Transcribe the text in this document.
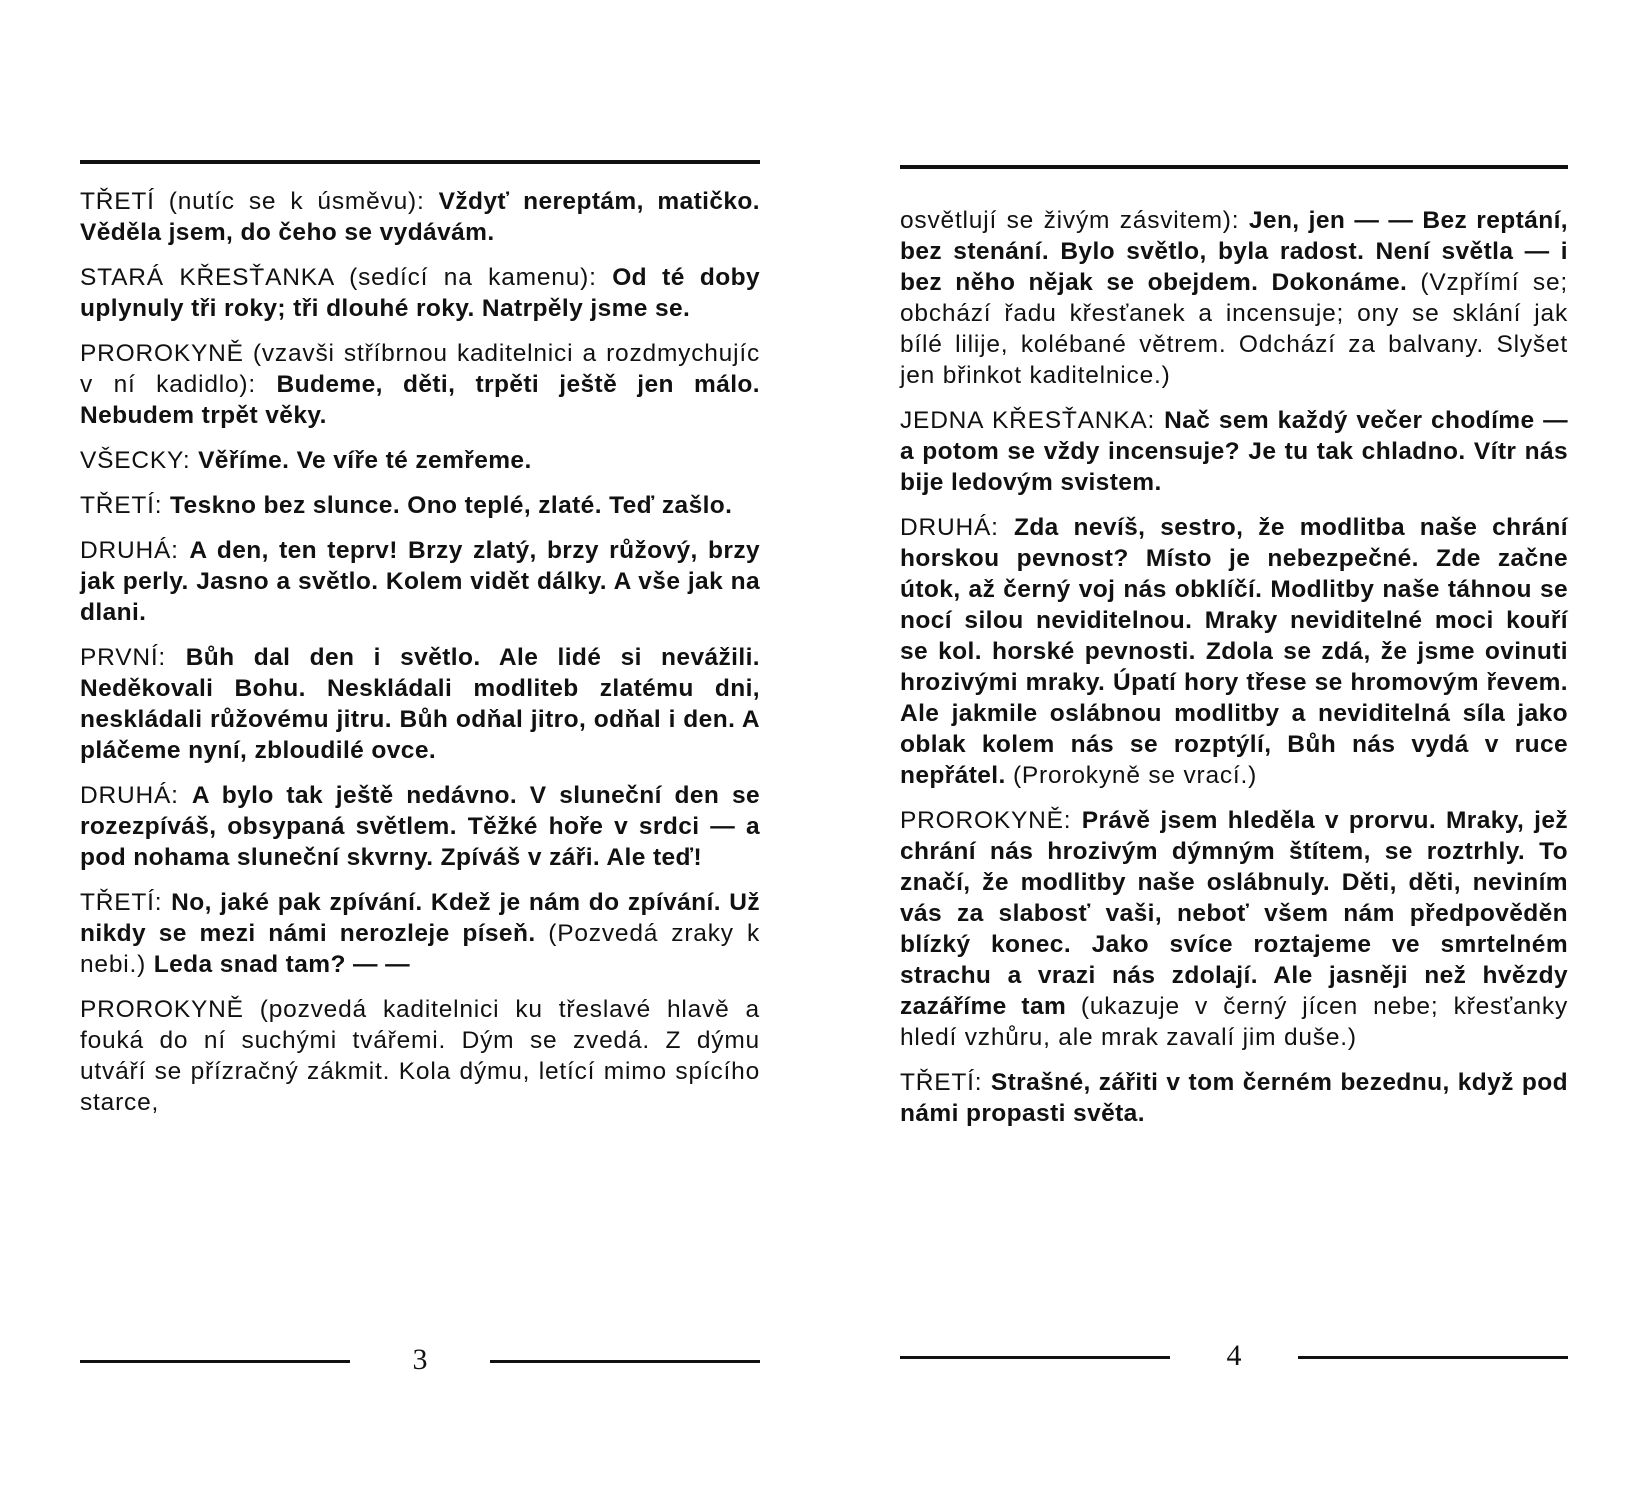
TŘETÍ (nutíc se k úsměvu): Vždyť nereptám, matičko. Věděla jsem, do čeho se vydávám.

STARÁ KŘESŤANKA (sedící na kamenu): Od té doby uplynuly tři roky; tři dlouhé roky. Natrpěly jsme se.

PROROKYNĚ (vzavši stříbrnou kaditelnici a rozdmychujíc v ní kadidlo): Budeme, děti, trpěti ještě jen málo. Nebudem trpět věky.

VŠECKY: Věříme. Ve víře té zemřeme.

TŘETÍ: Teskno bez slunce. Ono teplé, zlaté. Teď zašlo.

DRUHÁ: A den, ten teprv! Brzy zlatý, brzy růžový, brzy jak perly. Jasno a světlo. Kolem vidět dálky. A vše jak na dlani.

PRVNÍ: Bůh dal den i světlo. Ale lidé si nevážili. Neděkovali Bohu. Neskládali modliteb zlatému dni, neskládali růžovému jitru. Bůh odňal jitro, odňal i den. A pláčeme nyní, zbloudilé ovce.

DRUHÁ: A bylo tak ještě nedávno. V sluneční den se rozezpíváš, obsypaná světlem. Těžké hoře v srdci — a pod nohama sluneční skvrny. Zpíváš v záři. Ale teď!

TŘETÍ: No, jaké pak zpívání. Kdež je nám do zpívání. Už nikdy se mezi námi nerozleje píseň. (Pozvedá zraky k nebi.) Leda snad tam? — —

PROROKYNĚ (pozvedá kaditelnici ku třeslavé hlavě a fouká do ní suchými tvářemi. Dým se zvedá. Z dýmu utváří se přízračný zákmit. Kola dýmu, letící mimo spícího starce,

3

osvětlují se živým zásvitem): Jen, jen — — Bez reptání, bez stenání. Bylo světlo, byla radost. Není světla — i bez něho nějak se obejdem. Dokonáme. (Vzpřímí se; obchází řadu křesťanek a incensuje; ony se sklání jak bílé lilije, kolébané větrem. Odchází za balvany. Slyšet jen břinkot kaditelnice.)

JEDNA KŘESŤANKA: Nač sem každý večer chodíme — a potom se vždy incensuje? Je tu tak chladno. Vítr nás bije ledovým svistem.

DRUHÁ: Zda nevíš, sestro, že modlitba naše chrání horskou pevnost? Místo je nebezpečné. Zde začne útok, až černý voj nás obklíčí. Modlitby naše táhnou se nocí silou neviditelnou. Mraky neviditelné moci kouří se kol. horské pevnosti. Zdola se zdá, že jsme ovinuti hrozivými mraky. Úpatí hory třese se hromovým řevem. Ale jakmile oslábnou modlitby a neviditelná síla jako oblak kolem nás se rozptýlí, Bůh nás vydá v ruce nepřátel. (Prorokyně se vrací.)

PROROKYNĚ: Právě jsem hleděla v prorvu. Mraky, jež chrání nás hrozivým dýmným štítem, se roztrhly. To značí, že modlitby naše oslábnuly. Děti, děti, neviním vás za slabosť vaši, neboť všem nám předpověděn blízký konec. Jako svíce roztajeme ve smrtelném strachu a vrazi nás zdolají. Ale jasněji než hvězdy zazáříme tam (ukazuje v černý jícen nebe; křesťanky hledí vzhůru, ale mrak zavalí jim duše.)

TŘETÍ: Strašné, zářiti v tom černém bezednu, když pod námi propasti světa.

4
